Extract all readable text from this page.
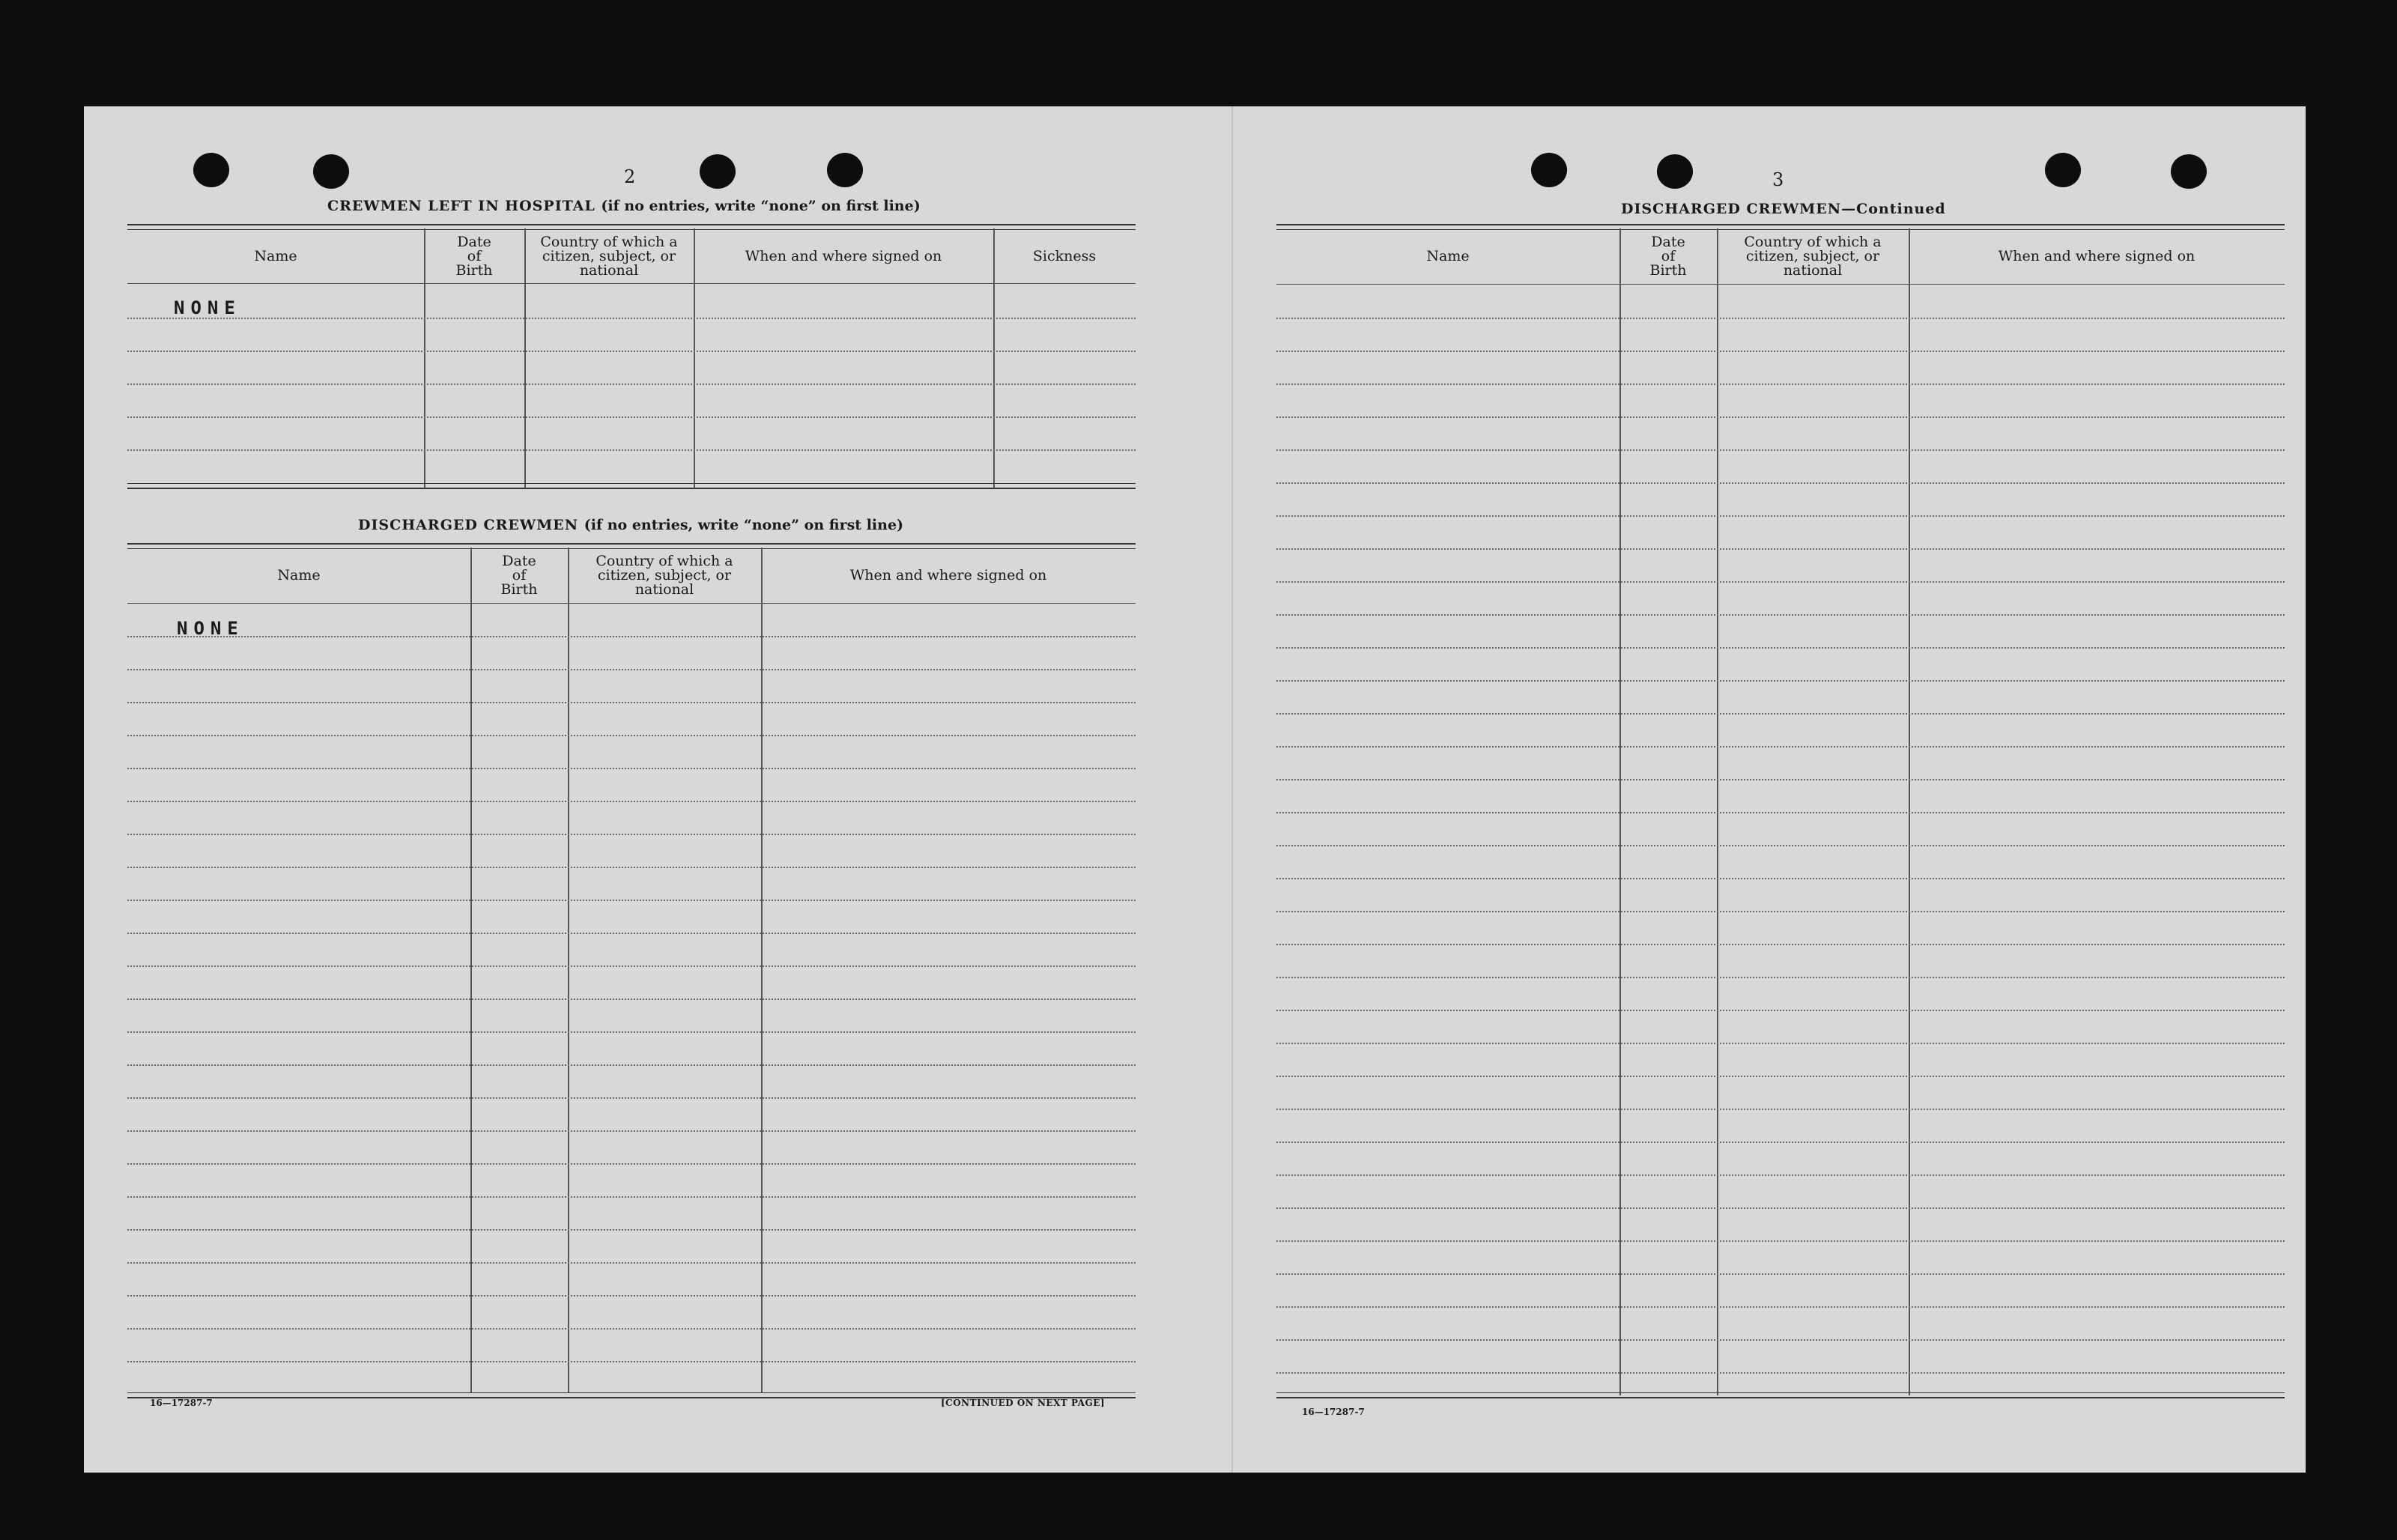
2
CREWMEN LEFT IN HOSPITAL (if no entries, write “none” on first line)
Name
Date
of
Birth
Country of which a
citizen, subject, or
national
When and where signed on	Sickness
NONE
DISCHARGED CREWMEN (if no entries, write “none” on first line)
Name
Date
of
Birth
Country of which a
citizen, subject, or
national
When and where signed on
NONE
16—17287-7	[CONTINUED ON NEXT PAGE]
3
DISCHARGED CREWMEN—Continued
Name
Date
of
Birth
Country of which a
citizen, subject, or
national
When and where signed on
16—17287-7
